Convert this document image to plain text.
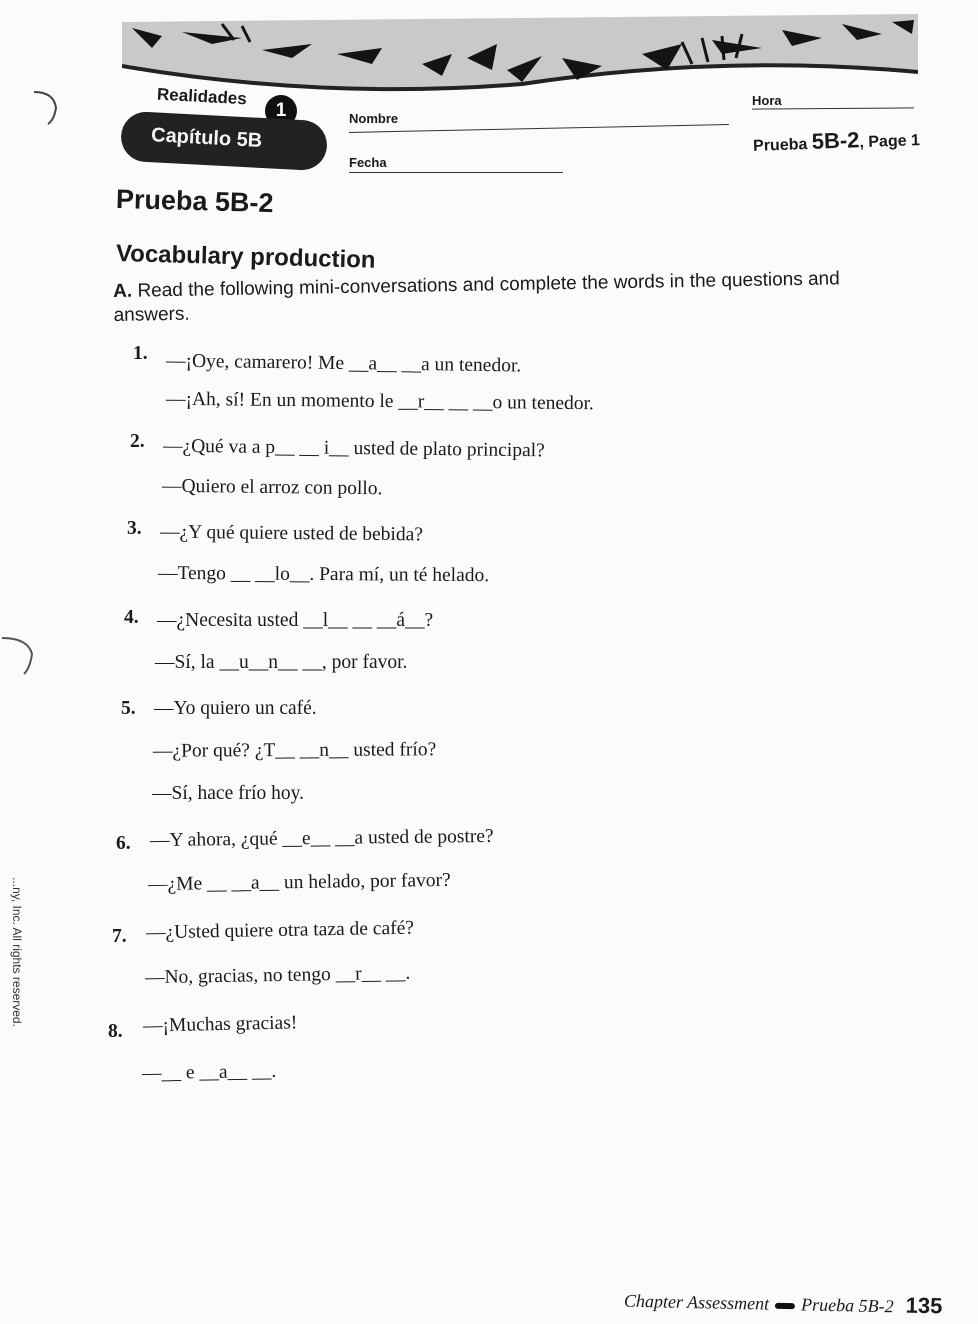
Realidades
1
Capítulo 5B
Nombre
Hora
Fecha
Prueba 5B-2, Page 1
Prueba 5B-2
Vocabulary production
A. Read the following mini-conversations and complete the words in the questions and answers.
1. —¡Oye, camarero! Me __a__ __a un tenedor.
—¡Ah, sí! En un momento le __r__ __ __o un tenedor.
2. —¿Qué va a p__ __ i__ usted de plato principal?
—Quiero el arroz con pollo.
3. —¿Y qué quiere usted de bebida?
—Tengo __ __lo__. Para mí, un té helado.
4. —¿Necesita usted __l__ __ __á__?
—Sí, la __u__n__ __, por favor.
5. —Yo quiero un café.
—¿Por qué? ¿T__ __n__ usted frío?
—Sí, hace frío hoy.
6. —Y ahora, ¿qué __e__ __a usted de postre?
—¿Me __ __a__ un helado, por favor?
7. —¿Usted quiere otra taza de café?
—No, gracias, no tengo __r__ __.
8. —¡Muchas gracias!
—__ e __a__ __.
Chapter Assessment Prueba 5B-2 135
...ny, Inc. All rights reserved.
